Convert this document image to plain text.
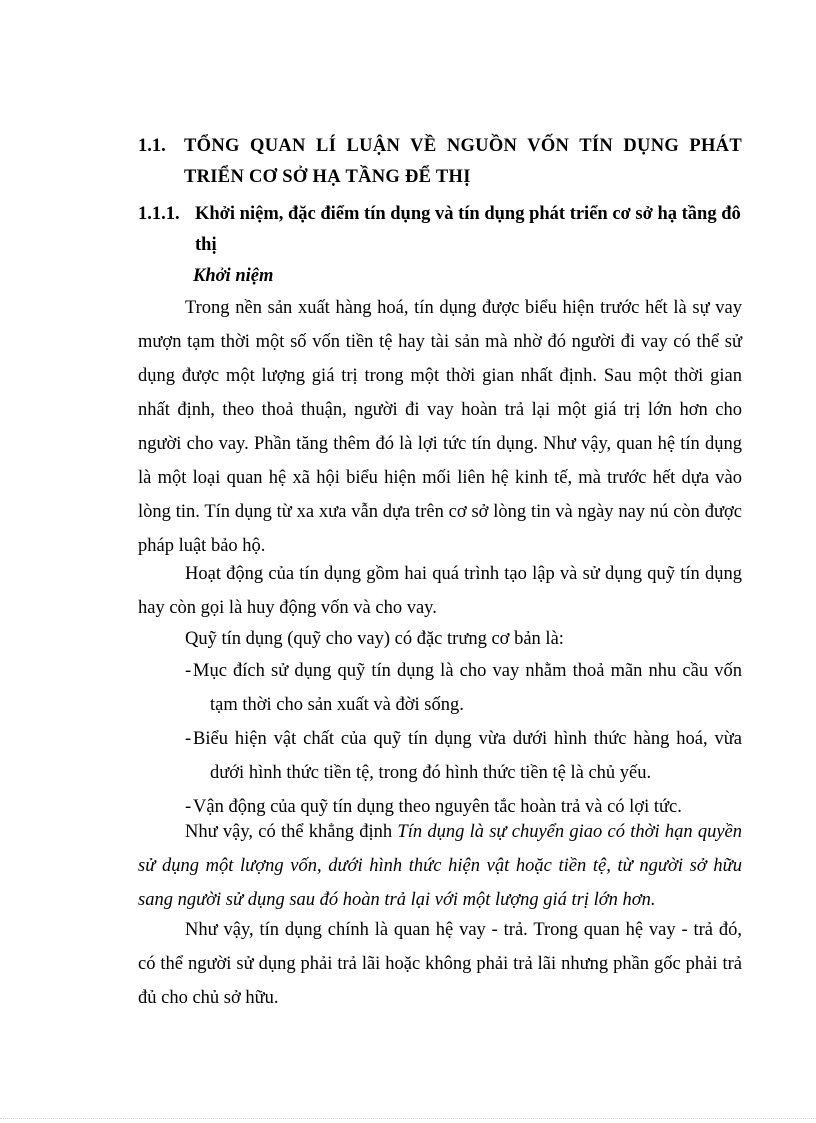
1.1. TỔNG QUAN LÍ LUẬN VỀ NGUỒN VỐN TÍN DỤNG PHÁT TRIỂN CƠ SỞ HẠ TẦNG ĐỂ THỊ
1.1.1. Khởi niệm, đặc điểm tín dụng và tín dụng phát triển cơ sở hạ tầng đô thị
Khởi niệm
Trong nền sản xuất hàng hoá, tín dụng được biểu hiện trước hết là sự vay mượn tạm thời một số vốn tiền tệ hay tài sản mà nhờ đó người đi vay có thể sử dụng được một lượng giá trị trong một thời gian nhất định. Sau một thời gian nhất định, theo thoả thuận, người đi vay hoàn trả lại một giá trị lớn hơn cho người cho vay. Phần tăng thêm đó là lợi tức tín dụng. Như vậy, quan hệ tín dụng là một loại quan hệ xã hội biểu hiện mối liên hệ kinh tế, mà trước hết dựa vào lòng tin. Tín dụng từ xa xưa vẫn dựa trên cơ sở lòng tin và ngày nay nú còn được pháp luật bảo hộ.
Hoạt động của tín dụng gồm hai quá trình tạo lập và sử dụng quỹ tín dụng hay còn gọi là huy động vốn và cho vay.
Quỹ tín dụng (quỹ cho vay) có đặc trưng cơ bản là:
- Mục đích sử dụng quỹ tín dụng là cho vay nhằm thoả mãn nhu cầu vốn tạm thời cho sản xuất và đời sống.
- Biểu hiện vật chất của quỹ tín dụng vừa dưới hình thức hàng hoá, vừa dưới hình thức tiền tệ, trong đó hình thức tiền tệ là chủ yếu.
- Vận động của quỹ tín dụng theo nguyên tắc hoàn trả và có lợi tức.
Như vậy, có thể khẳng định Tín dụng là sự chuyển giao có thời hạn quyền sử dụng một lượng vốn, dưới hình thức hiện vật hoặc tiền tệ, từ người sở hữu sang người sử dụng sau đó hoàn trả lại với một lượng giá trị lớn hơn.
Như vậy, tín dụng chính là quan hệ vay - trả. Trong quan hệ vay - trả đó, có thể người sử dụng phải trả lãi hoặc không phải trả lãi nhưng phần gốc phải trả đủ cho chủ sở hữu.
